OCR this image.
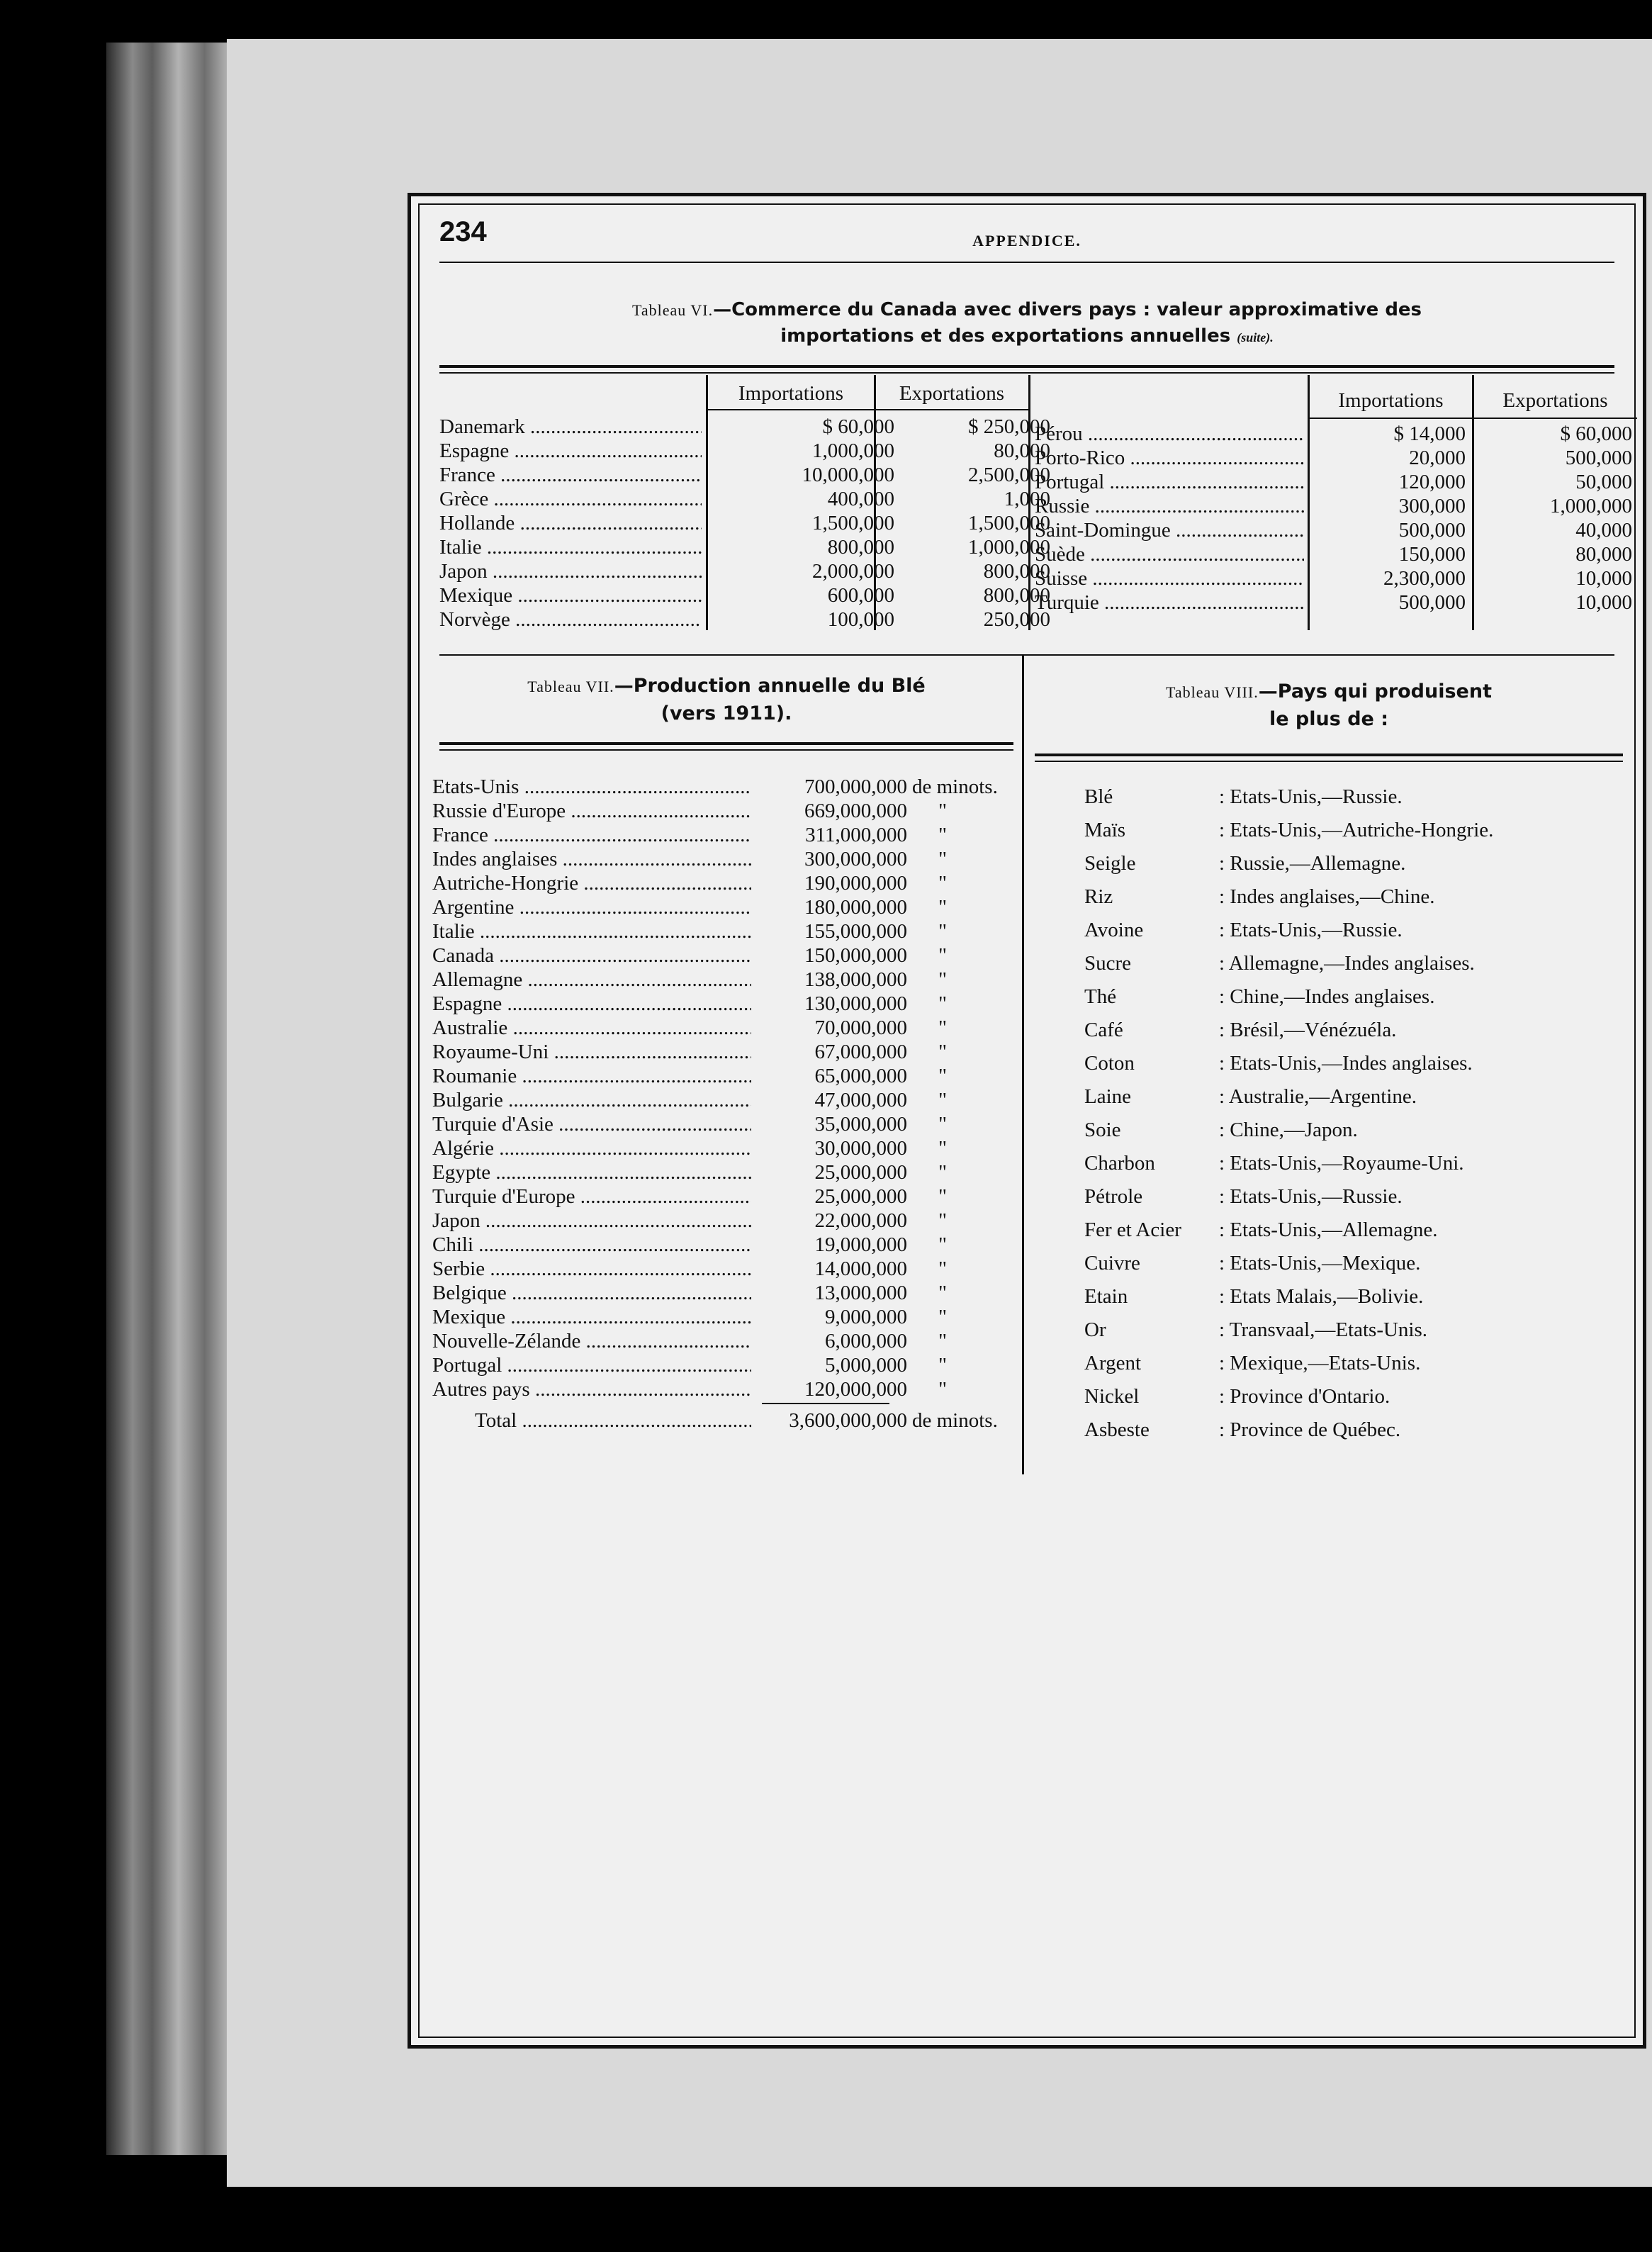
234	APPENDICE.
Tableau VI.—Commerce du Canada avec divers pays : valeur approximative des
importations et des exportations annuelles (suite).
Importations	Exportations	Importations	Exportations
Danemark .....	$ 60,000	$ 250,000
Espagne .....	1,000,000	80,000
France .....	10,000,000	2,500,000
Grèce .....	400,000	1,000
Hollande .....	1,500,000	1,500,000
Italie .....	800,000	1,000,000
Japon .....	2,000,000	800,000
Mexique .....	600,000	800,000
Norvège .....	100,000	250,000
Pérou .....	$ 14,000	$ 60,000
Porto-Rico .....	20,000	500,000
Portugal .....	120,000	50,000
Russie .....	300,000	1,000,000
Saint-Domingue .....	500,000	40,000
Suède .....	150,000	80,000
Suisse .....	2,300,000	10,000
Turquie .....	500,000	10,000
Tableau VII.—Production annuelle du Blé
(vers 1911).
Etats-Unis .....	700,000,000 de minots.
Russie d'Europe .....	669,000,000	"
France .....	311,000,000	"
Indes anglaises .....	300,000,000	"
Autriche-Hongrie .....	190,000,000	"
Argentine .....	180,000,000	"
Italie .....	155,000,000	"
Canada .....	150,000,000	"
Allemagne .....	138,000,000	"
Espagne .....	130,000,000	"
Australie .....	70,000,000	"
Royaume-Uni .....	67,000,000	"
Roumanie .....	65,000,000	"
Bulgarie .....	47,000,000	"
Turquie d'Asie .....	35,000,000	"
Algérie .....	30,000,000	"
Egypte .....	25,000,000	"
Turquie d'Europe .....	25,000,000	"
Japon .....	22,000,000	"
Chili .....	19,000,000	"
Serbie .....	14,000,000	"
Belgique .....	13,000,000	"
Mexique .....	9,000,000	"
Nouvelle-Zélande .....	6,000,000	"
Portugal .....	5,000,000	"
Autres pays .....	120,000,000	"
Total .....	3,600,000,000 de minots.
Tableau VIII.—Pays qui produisent
le plus de :
Blé	: Etats-Unis,—Russie.
Maïs	: Etats-Unis,—Autriche-Hongrie.
Seigle	: Russie,—Allemagne.
Riz	: Indes anglaises,—Chine.
Avoine	: Etats-Unis,—Russie.
Sucre	: Allemagne,—Indes anglaises.
Thé	: Chine,—Indes anglaises.
Café	: Brésil,—Vénézuéla.
Coton	: Etats-Unis,—Indes anglaises.
Laine	: Australie,—Argentine.
Soie	: Chine,—Japon.
Charbon	: Etats-Unis,—Royaume-Uni.
Pétrole	: Etats-Unis,—Russie.
Fer et Acier : Etats-Unis,—Allemagne.
Cuivre	: Etats-Unis,—Mexique.
Etain	: Etats Malais,—Bolivie.
Or	: Transvaal,—Etats-Unis.
Argent	: Mexique,—Etats-Unis.
Nickel	: Province d'Ontario.
Asbeste	: Province de Québec.
